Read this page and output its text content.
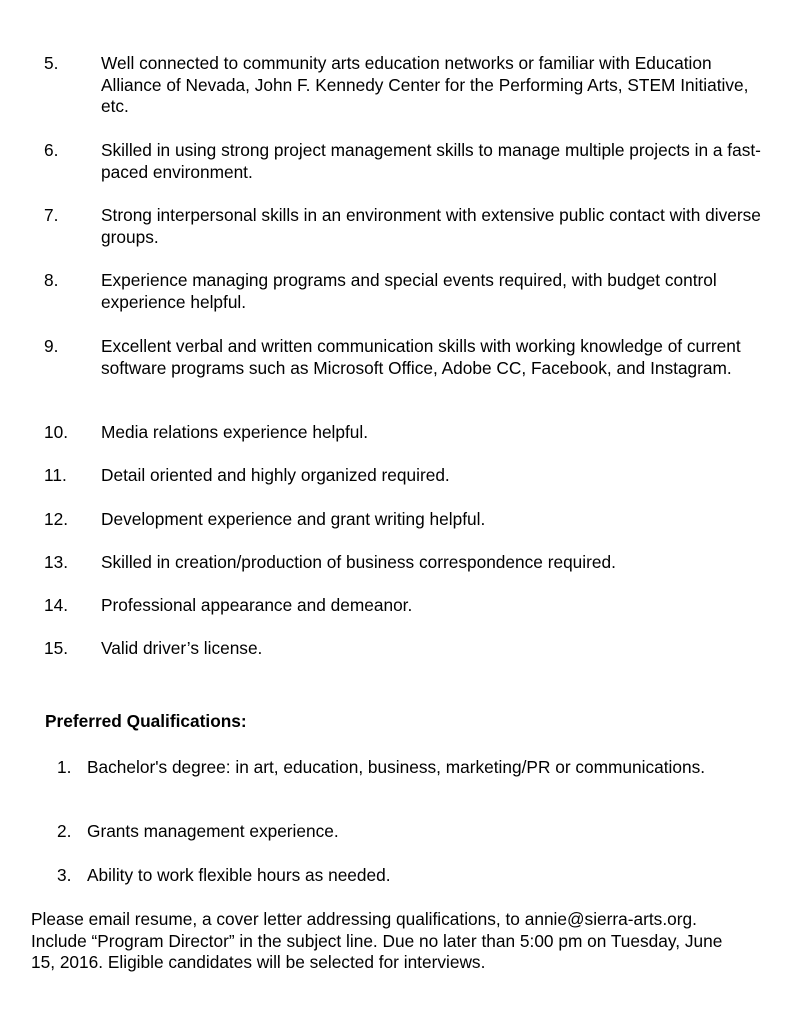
5.	Well connected to community arts education networks or familiar with Education Alliance of Nevada, John F. Kennedy Center for the Performing Arts, STEM Initiative, etc.
6.	Skilled in using strong project management skills to manage multiple projects in a fast-paced environment.
7.	Strong interpersonal skills in an environment with extensive public contact with diverse groups.
8.	Experience managing programs and special events required, with budget control experience helpful.
9.	Excellent verbal and written communication skills with working knowledge of current software programs such as Microsoft Office, Adobe CC, Facebook, and Instagram.
10.	Media relations experience helpful.
11.	Detail oriented and highly organized required.
12.	Development experience and grant writing helpful.
13.	Skilled in creation/production of business correspondence required.
14.	Professional appearance and demeanor.
15.	Valid driver’s license.
Preferred Qualifications:
1. Bachelor's degree: in art, education, business, marketing/PR or communications.
2. Grants management experience.
3. Ability to work flexible hours as needed.
Please email resume, a cover letter addressing qualifications, to annie@sierra-arts.org. Include “Program Director” in the subject line. Due no later than 5:00 pm on Tuesday, June 15, 2016. Eligible candidates will be selected for interviews.
